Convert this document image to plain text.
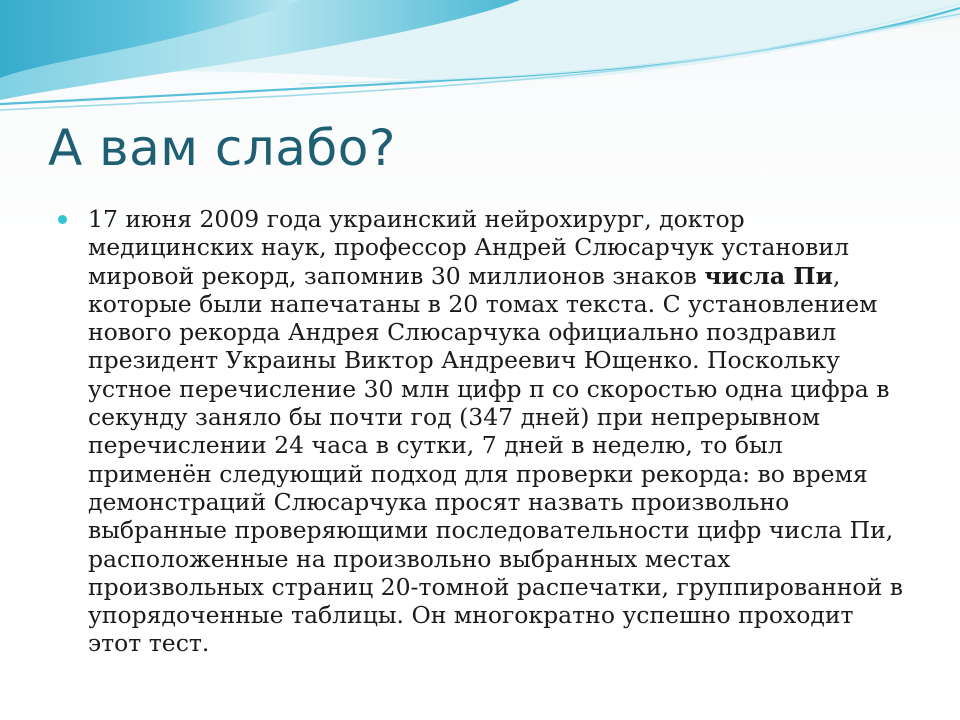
А вам слабо?

17 июня 2009 года украинский нейрохирург, доктор медицинских наук, профессор Андрей Слюсарчук установил мировой рекорд, запомнив 30 миллионов знаков числа Пи, которые были напечатаны в 20 томах текста. С установлением нового рекорда Андрея Слюсарчука официально поздравил президент Украины Виктор Андреевич Ющенко. Поскольку устное перечисление 30 млн цифр π со скоростью одна цифра в секунду заняло бы почти год (347 дней) при непрерывном перечислении 24 часа в сутки, 7 дней в неделю, то был применён следующий подход для проверки рекорда: во время демонстраций Слюсарчука просят назвать произвольно выбранные проверяющими последовательности цифр числа Пи, расположенные на произвольно выбранных местах произвольных страниц 20-томной распечатки, группированной в упорядоченные таблицы. Он многократно успешно проходит этот тест.
